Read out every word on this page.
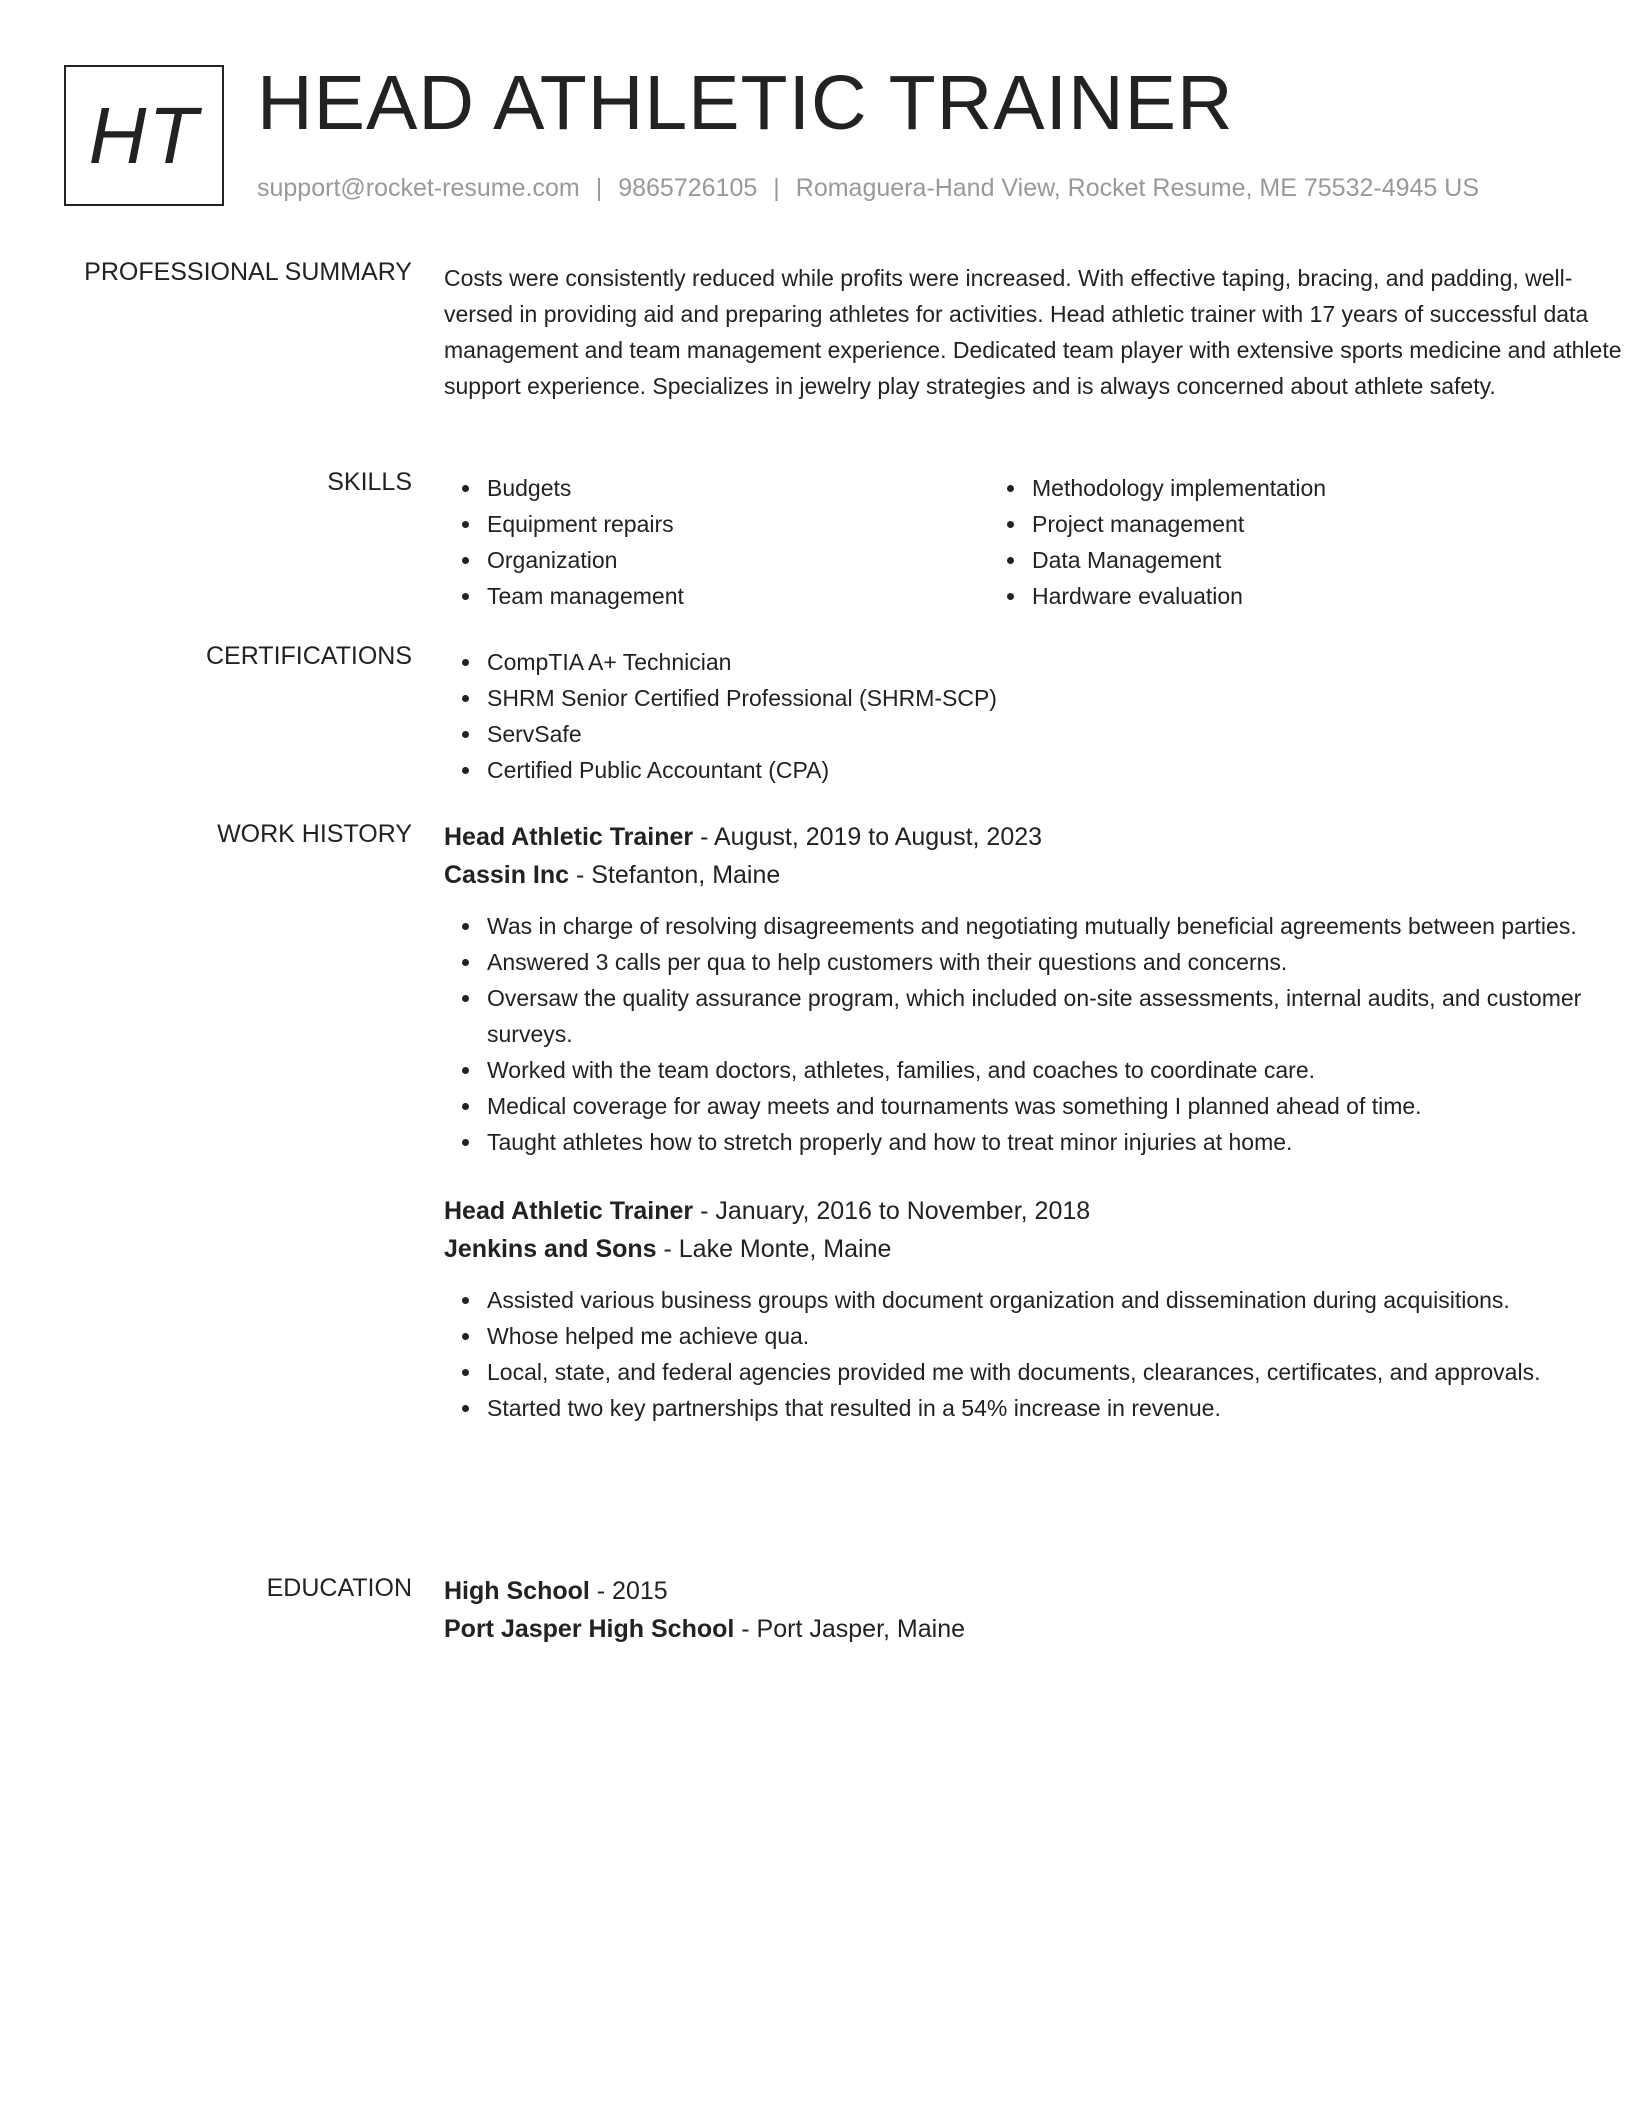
HT HEAD ATHLETIC TRAINER
support@rocket-resume.com | 9865726105 | Romaguera-Hand View, Rocket Resume, ME 75532-4945 US
PROFESSIONAL SUMMARY Costs were consistently reduced while profits were increased. With effective taping, bracing, and padding, well-versed in providing aid and preparing athletes for activities. Head athletic trainer with 17 years of successful data management and team management experience. Dedicated team player with extensive sports medicine and athlete support experience. Specializes in jewelry play strategies and is always concerned about athlete safety.
SKILLS	Budgets
Equipment repairs
Organization
Team management
Methodology implementation
Project management
Data Management
Hardware evaluation
CERTIFICATIONS	CompTIA A+ Technician
SHRM Senior Certified Professional (SHRM-SCP)
ServSafe
Certified Public Accountant (CPA)
WORK HISTORY Head Athletic Trainer - August, 2019 to August, 2023
Cassin Inc - Stefanton, Maine
Was in charge of resolving disagreements and negotiating mutually beneficial agreements between parties.
Answered 3 calls per qua to help customers with their questions and concerns.
Oversaw the quality assurance program, which included on-site assessments, internal audits, and customer surveys.
Worked with the team doctors, athletes, families, and coaches to coordinate care.
Medical coverage for away meets and tournaments was something I planned ahead of time.
Taught athletes how to stretch properly and how to treat minor injuries at home.
Head Athletic Trainer - January, 2016 to November, 2018
Jenkins and Sons - Lake Monte, Maine
Assisted various business groups with document organization and dissemination during acquisitions.
Whose helped me achieve qua.
Local, state, and federal agencies provided me with documents, clearances, certificates, and approvals.
Started two key partnerships that resulted in a 54% increase in revenue.
EDUCATION High School - 2015
Port Jasper High School - Port Jasper, Maine
